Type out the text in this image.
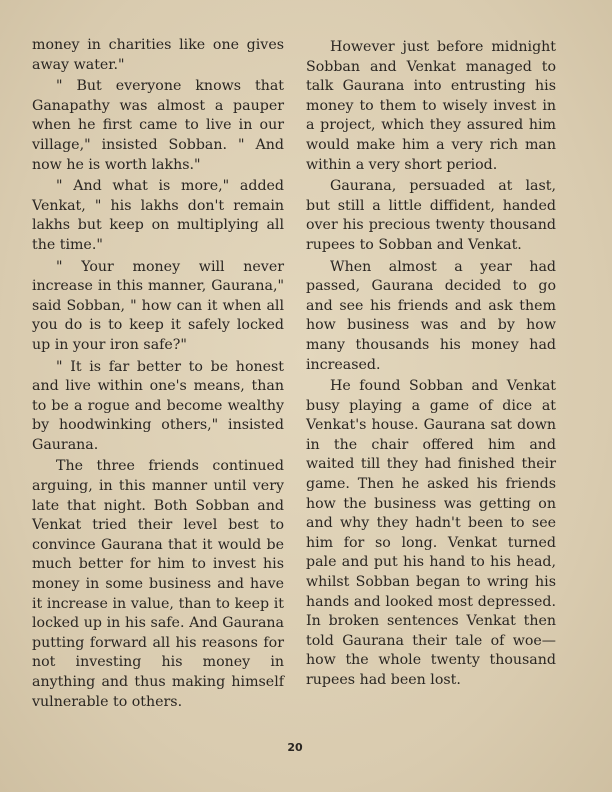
money in charities like one gives away water."

" But everyone knows that Ganapathy was almost a pauper when he first came to live in our village," insisted Sobban. " And now he is worth lakhs."

" And what is more," added Venkat, " his lakhs don't remain lakhs but keep on multiplying all the time."

" Your money will never increase in this manner, Gaurana," said Sobban, " how can it when all you do is to keep it safely locked up in your iron safe?"

" It is far better to be honest and live within one's means, than to be a rogue and become wealthy by hoodwinking others," insisted Gaurana.

The three friends continued arguing, in this manner until very late that night. Both Sobban and Venkat tried their level best to convince Gaurana that it would be much better for him to invest his money in some business and have it increase in value, than to keep it locked up in his safe. And Gaurana putting forward all his reasons for not investing his money in anything and thus making himself vulnerable to others.

However just before midnight Sobban and Venkat managed to talk Gaurana into entrusting his money to them to wisely invest in a project, which they assured him would make him a very rich man within a very short period.

Gaurana, persuaded at last, but still a little diffident, handed over his precious twenty thousand rupees to Sobban and Venkat.

When almost a year had passed, Gaurana decided to go and see his friends and ask them how business was and by how many thousands his money had increased.

He found Sobban and Venkat busy playing a game of dice at Venkat's house. Gaurana sat down in the chair offered him and waited till they had finished their game. Then he asked his friends how the business was getting on and why they hadn't been to see him for so long. Venkat turned pale and put his hand to his head, whilst Sobban began to wring his hands and looked most depressed. In broken sentences Venkat then told Gaurana their tale of woe—how the whole twenty thousand rupees had been lost.

20
